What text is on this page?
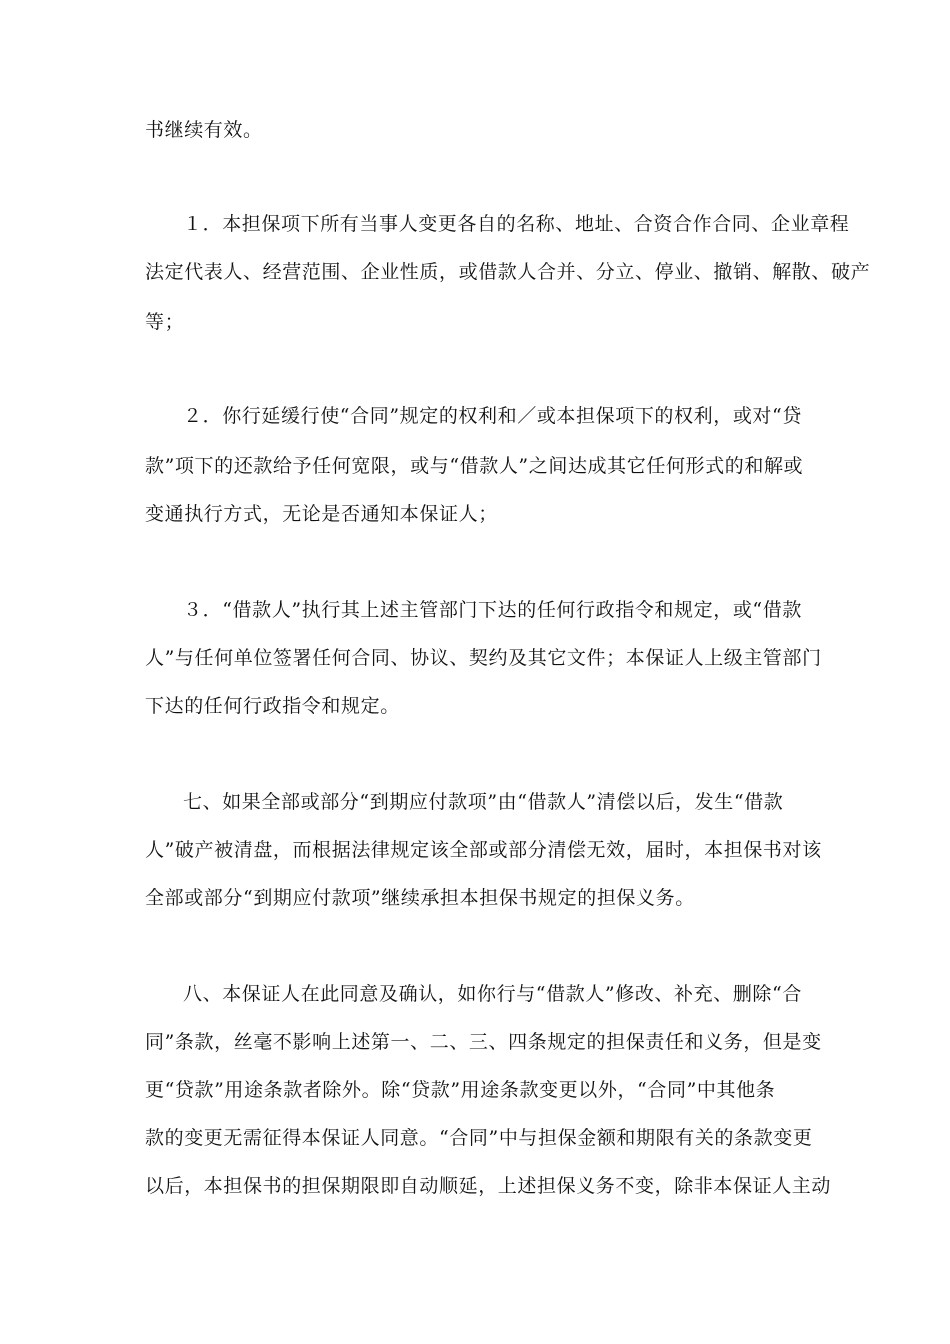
书继续有效。
１．本担保项下所有当事人变更各自的名称、地址、合资合作合同、企业章程
法定代表人、经营范围、企业性质，或借款人合并、分立、停业、撤销、解散、破产
等；
２．你行延缓行使“合同”规定的权利和／或本担保项下的权利，或对“贷
款”项下的还款给予任何宽限，或与“借款人”之间达成其它任何形式的和解或
变通执行方式，无论是否通知本保证人；
３．“借款人”执行其上述主管部门下达的任何行政指令和规定，或“借款
人”与任何单位签署任何合同、协议、契约及其它文件；本保证人上级主管部门
下达的任何行政指令和规定。
七、如果全部或部分“到期应付款项”由“借款人”清偿以后，发生“借款
人”破产被清盘，而根据法律规定该全部或部分清偿无效，届时，本担保书对该
全部或部分“到期应付款项”继续承担本担保书规定的担保义务。
八、本保证人在此同意及确认，如你行与“借款人”修改、补充、删除“合
同”条款，丝毫不影响上述第一、二、三、四条规定的担保责任和义务，但是变
更“贷款”用途条款者除外。除“贷款”用途条款变更以外，“合同”中其他条
款的变更无需征得本保证人同意。“合同”中与担保金额和期限有关的条款变更
以后，本担保书的担保期限即自动顺延，上述担保义务不变，除非本保证人主动
